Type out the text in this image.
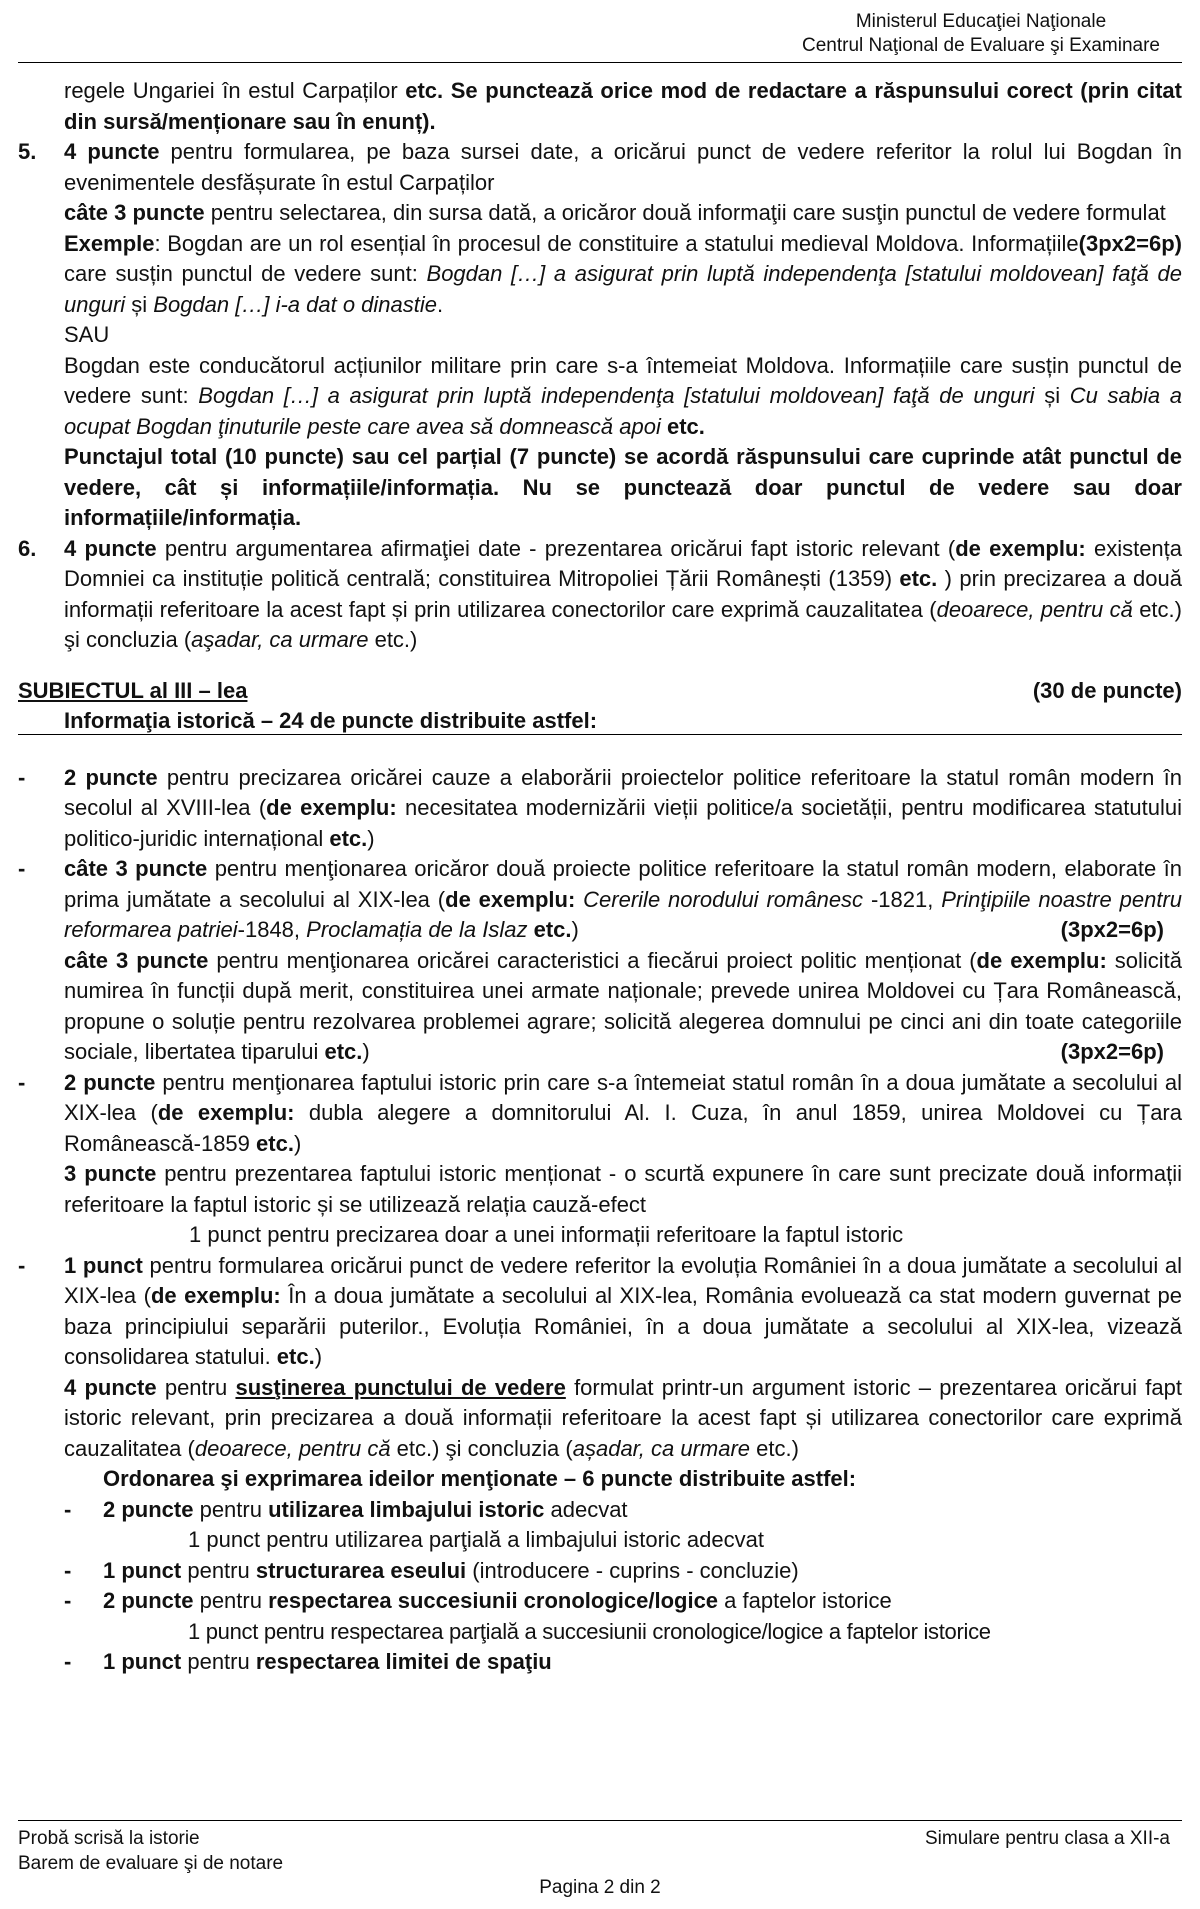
Ministerul Educaţiei Naţionale
Centrul Naţional de Evaluare şi Examinare

regele Ungariei în estul Carpaților etc. Se punctează orice mod de redactare a răspunsului corect (prin citat din sursă/menționare sau în enunț).

5. 4 puncte pentru formularea, pe baza sursei date, a oricărui punct de vedere referitor la rolul lui Bogdan în evenimentele desfășurate în estul Carpaților

câte 3 puncte pentru selectarea, din sursa dată, a oricăror două informaţii care susţin punctul de vedere formulat
(3px2=6p)

Exemple: Bogdan are un rol esențial în procesul de constituire a statului medieval Moldova. Informațiile care susțin punctul de vedere sunt: Bogdan […] a asigurat prin luptă independenţa [statului moldovean] faţă de unguri și Bogdan […] i-a dat o dinastie.

SAU

Bogdan este conducătorul acțiunilor militare prin care s-a întemeiat Moldova. Informațiile care susțin punctul de vedere sunt: Bogdan […] a asigurat prin luptă independenţa [statului moldovean] faţă de unguri și Cu sabia a ocupat Bogdan ţinuturile peste care avea să domnească apoi etc.

Punctajul total (10 puncte) sau cel parțial (7 puncte) se acordă răspunsului care cuprinde atât punctul de vedere, cât și informațiile/informația. Nu se punctează doar punctul de vedere sau doar informațiile/informația.

6. 4 puncte pentru argumentarea afirmaţiei date - prezentarea oricărui fapt istoric relevant (de exemplu: existența Domniei ca instituție politică centrală; constituirea Mitropoliei Țării Românești (1359) etc. ) prin precizarea a două informații referitoare la acest fapt și prin utilizarea conectorilor care exprimă cauzalitatea (deoarece, pentru că etc.) şi concluzia (aşadar, ca urmare etc.)

SUBIECTUL al III – lea	(30 de puncte)
Informaţia istorică – 24 de puncte distribuite astfel:
- 2 puncte pentru precizarea oricărei cauze a elaborării proiectelor politice referitoare la statul român modern în secolul al XVIII-lea (de exemplu: necesitatea modernizării vieții politice/a societății, pentru modificarea statutului politico-juridic internațional etc.)

- câte 3 puncte pentru menţionarea oricăror două proiecte politice referitoare la statul român modern, elaborate în prima jumătate a secolului al XIX-lea (de exemplu: Cererile norodului românesc -1821, Prinţipiile noastre pentru reformarea patriei-1848, Proclamația de la Islaz etc.)	(3px2=6p)

câte 3 puncte pentru menţionarea oricărei caracteristici a fiecărui proiect politic menționat (de exemplu: solicită numirea în funcții după merit, constituirea unei armate naționale; prevede unirea Moldovei cu Țara Românească, propune o soluție pentru rezolvarea problemei agrare; solicită alegerea domnului pe cinci ani din toate categoriile sociale, libertatea tiparului etc.)	(3px2=6p)

- 2 puncte pentru menţionarea faptului istoric prin care s-a întemeiat statul român în a doua jumătate a secolului al XIX-lea (de exemplu: dubla alegere a domnitorului Al. I. Cuza, în anul 1859, unirea Moldovei cu Țara Românească-1859 etc.)

3 puncte pentru prezentarea faptului istoric menționat - o scurtă expunere în care sunt precizate două informații referitoare la faptul istoric și se utilizează relația cauză-efect

1 punct pentru precizarea doar a unei informații referitoare la faptul istoric

- 1 punct pentru formularea oricărui punct de vedere referitor la evoluția României în a doua jumătate a secolului al XIX-lea (de exemplu: În a doua jumătate a secolului al XIX-lea, România evoluează ca stat modern guvernat pe baza principiului separării puterilor., Evoluția României, în a doua jumătate a secolului al XIX-lea, vizează consolidarea statului. etc.)

4 puncte pentru susţinerea punctului de vedere formulat printr-un argument istoric – prezentarea oricărui fapt istoric relevant, prin precizarea a două informații referitoare la acest fapt și utilizarea conectorilor care exprimă cauzalitatea (deoarece, pentru că etc.) şi concluzia (așadar, ca urmare etc.)

Ordonarea şi exprimarea ideilor menţionate – 6 puncte distribuite astfel:

- 2 puncte pentru utilizarea limbajului istoric adecvat

1 punct pentru utilizarea parţială a limbajului istoric adecvat

- 1 punct pentru structurarea eseului (introducere - cuprins - concluzie)

- 2 puncte pentru respectarea succesiunii cronologice/logice a faptelor istorice

1 punct pentru respectarea parţială a succesiunii cronologice/logice a faptelor istorice

- 1 punct pentru respectarea limitei de spaţiu

Probă scrisă la istorie
Barem de evaluare şi de notare
Simulare pentru clasa a XII-a
Pagina 2 din 2
